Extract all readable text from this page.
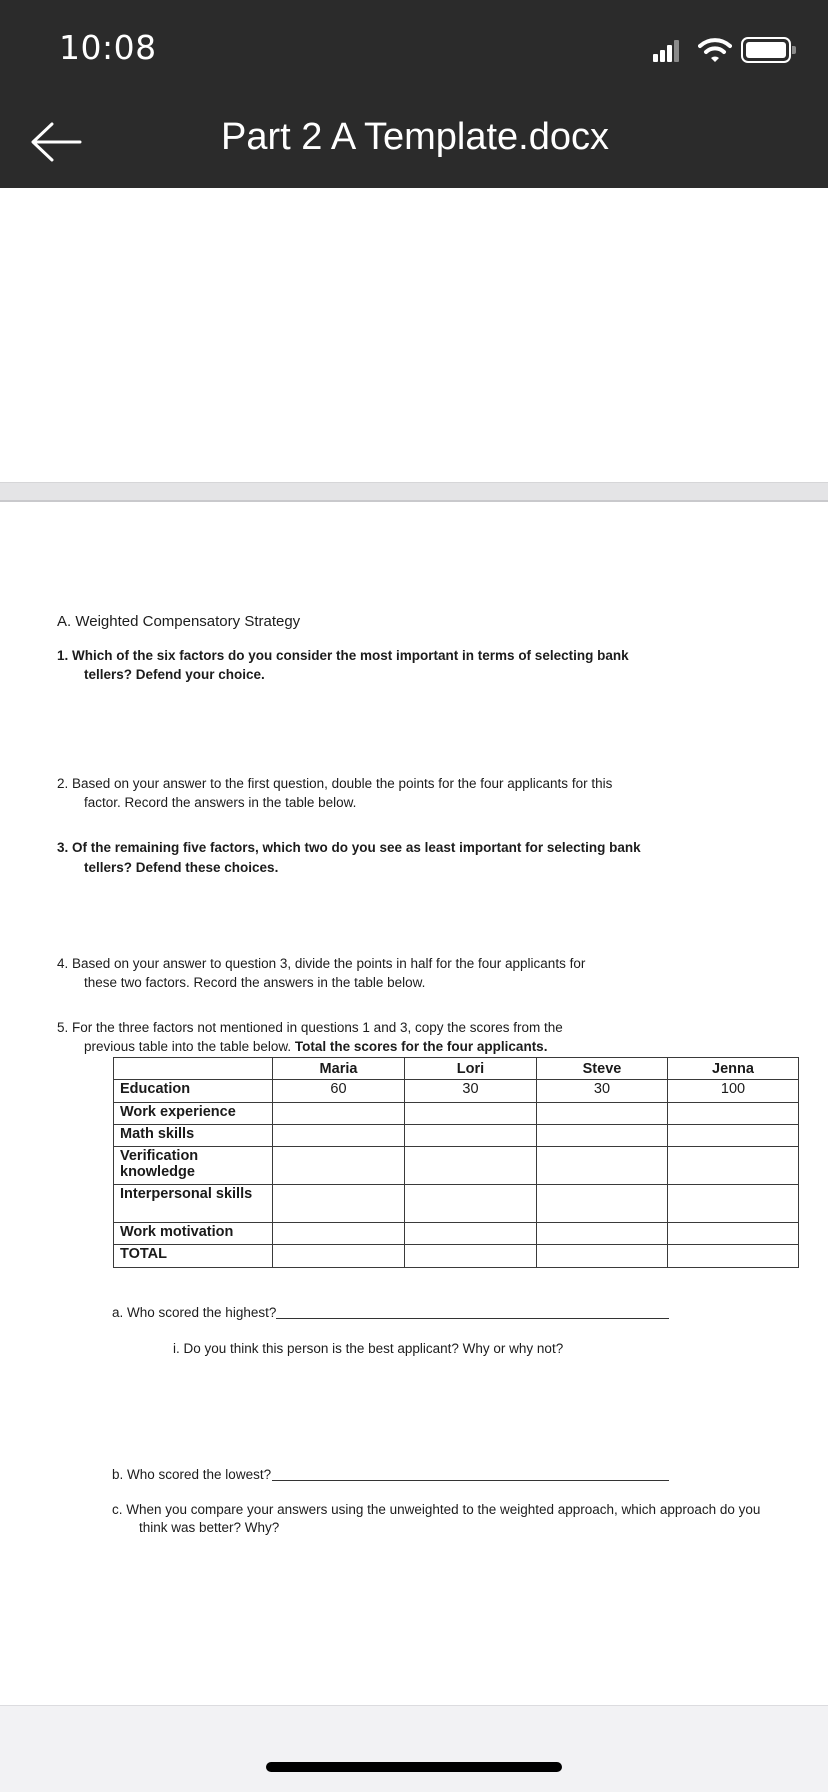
10:08
Part 2 A Template.docx
A. Weighted Compensatory Strategy
1. Which of the six factors do you consider the most important in terms of selecting bank
tellers? Defend your choice.
2. Based on your answer to the first question, double the points for the four applicants for this
factor. Record the answers in the table below.
3. Of the remaining five factors, which two do you see as least important for selecting bank
tellers? Defend these choices.
4. Based on your answer to question 3, divide the points in half for the four applicants for
these two factors. Record the answers in the table below.
5. For the three factors not mentioned in questions 1 and 3, copy the scores from the
previous table into the table below. Total the scores for the four applicants.
	Maria	Lori	Steve	Jenna
Education	60	30	30	100
Work experience				
Math skills				
Verification knowledge				
Interpersonal skills				
Work motivation				
TOTAL				
a. Who scored the highest?
i. Do you think this person is the best applicant? Why or why not?
b. Who scored the lowest?
c. When you compare your answers using the unweighted to the weighted approach, which approach do you
think was better? Why?
